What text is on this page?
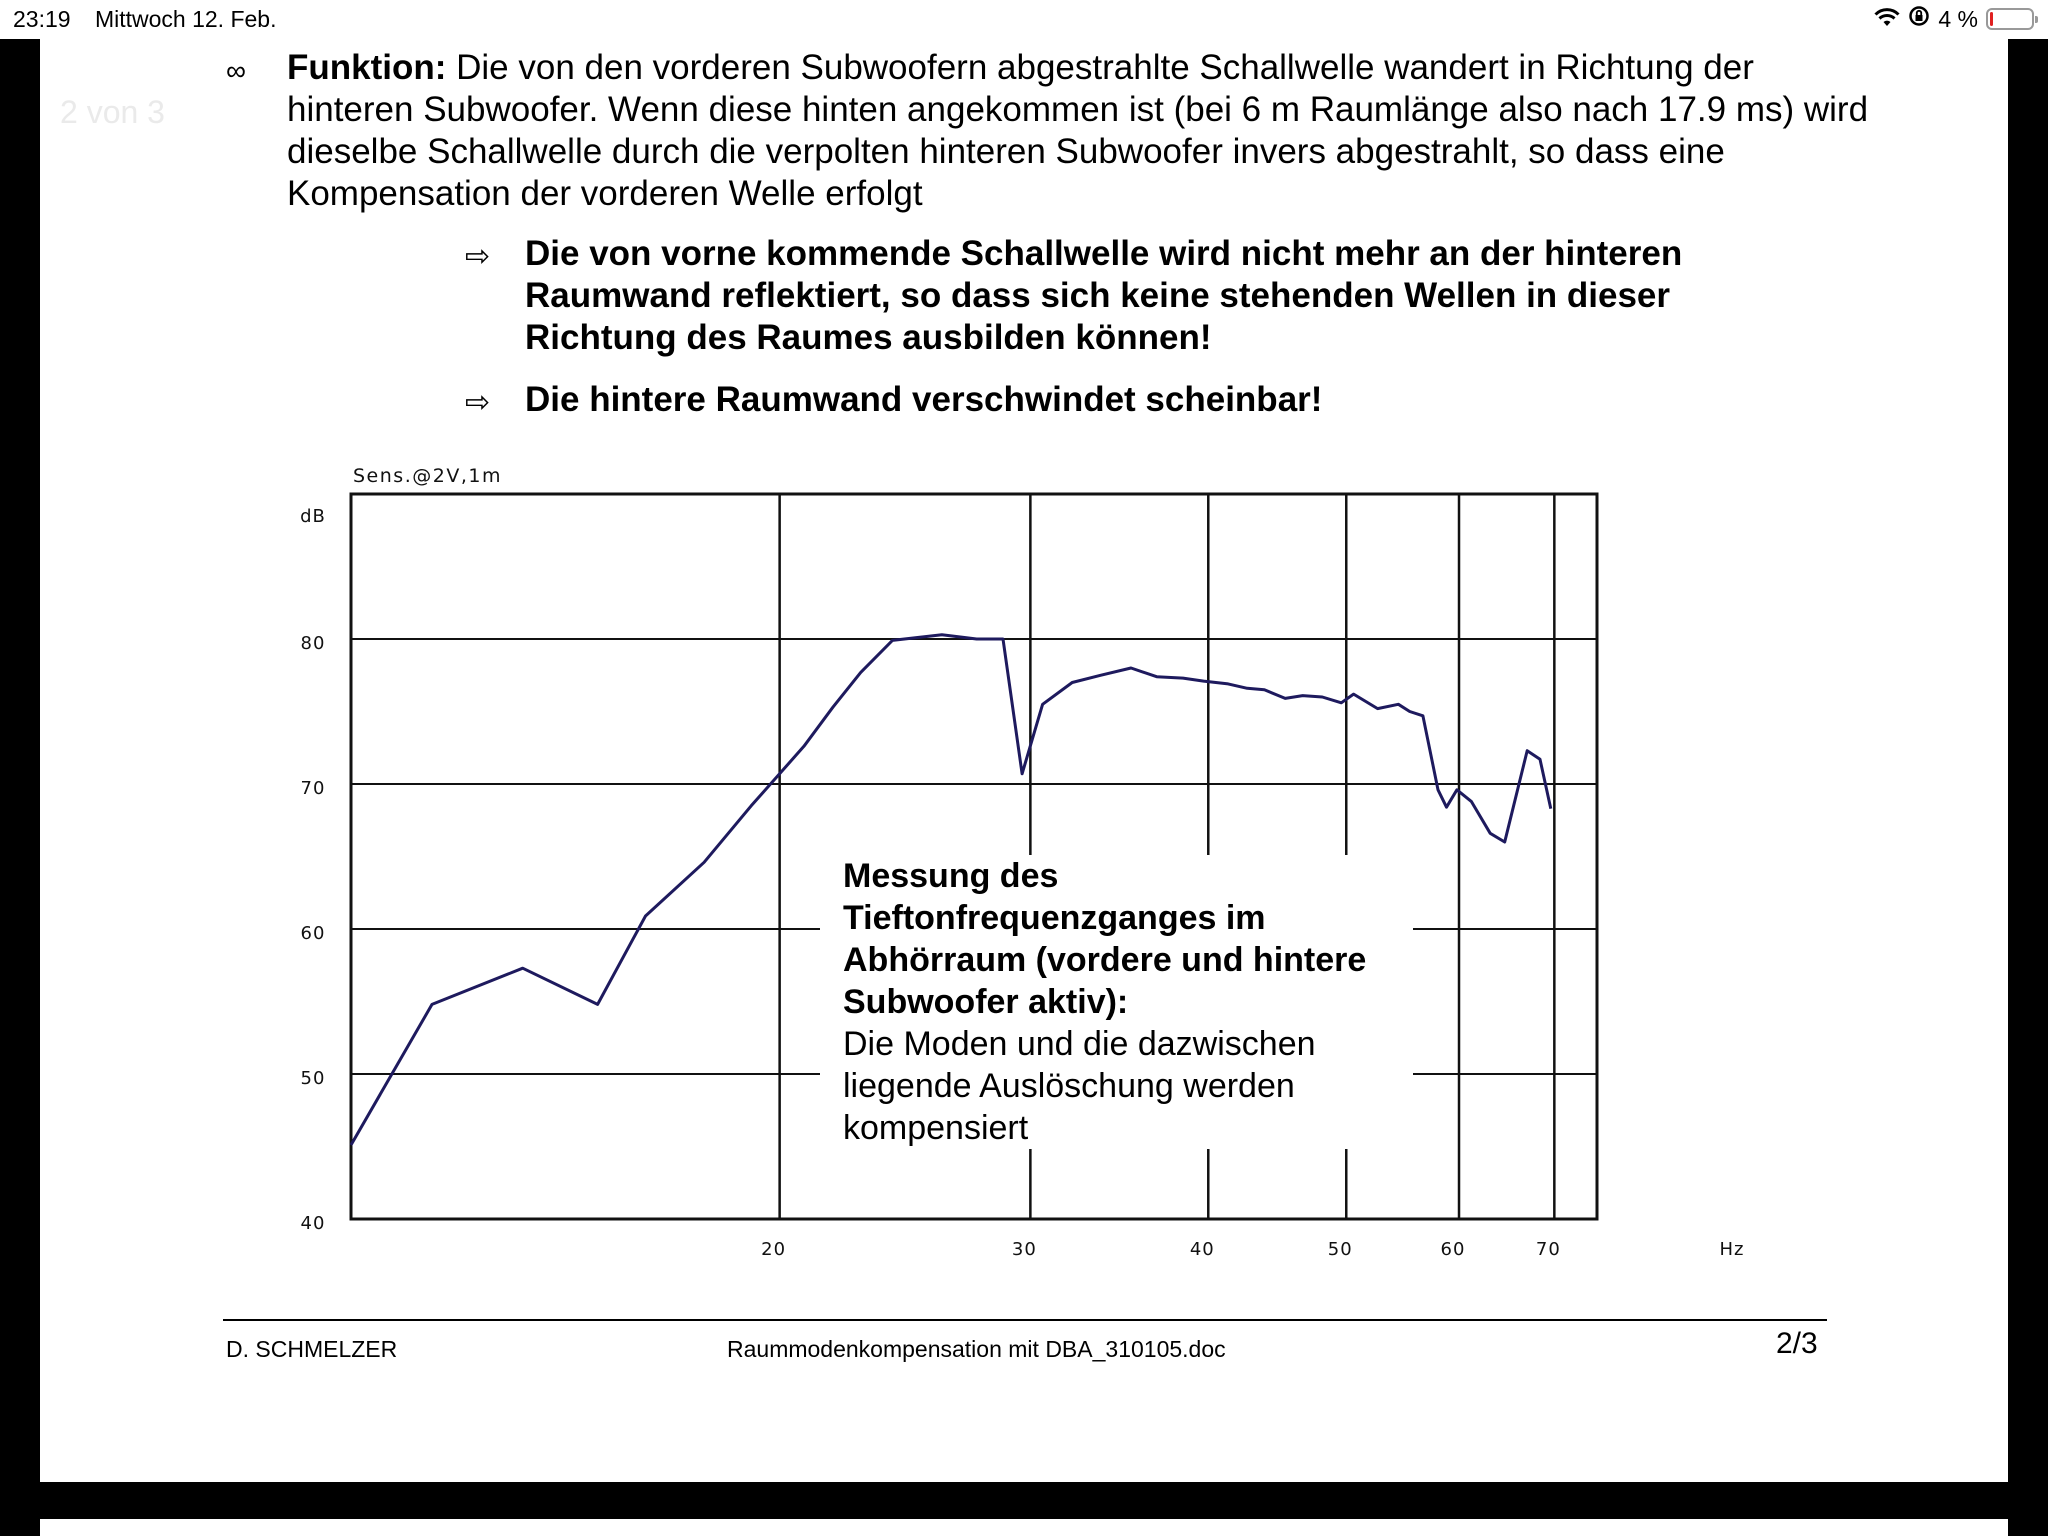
23:19 Mittwoch 12. Feb.	4 %
2 von 3
∞ Funktion: Die von den vorderen Subwoofern abgestrahlte Schallwelle wandert in Richtung der hinteren Subwoofer. Wenn diese hinten angekommen ist (bei 6 m Raumlänge also nach 17.9 ms) wird dieselbe Schallwelle durch die verpolten hinteren Subwoofer invers abgestrahlt, so dass eine Kompensation der vorderen Welle erfolgt
⇨ Die von vorne kommende Schallwelle wird nicht mehr an der hinteren Raumwand reflektiert, so dass sich keine stehenden Wellen in dieser Richtung des Raumes ausbilden können!
⇨ Die hintere Raumwand verschwindet scheinbar!
40
50
60
70
80
20	30	40	50	60	70
dB
Hz
Sens.@2V,1m
Messung des Tieftonfrequenzganges im Abhörraum (vordere und hintere Subwoofer aktiv):
Die Moden und die dazwischen liegende Auslöschung werden kompensiert
D. SCHMELZER	Raummodenkompensation mit DBA_310105.doc	2/3
